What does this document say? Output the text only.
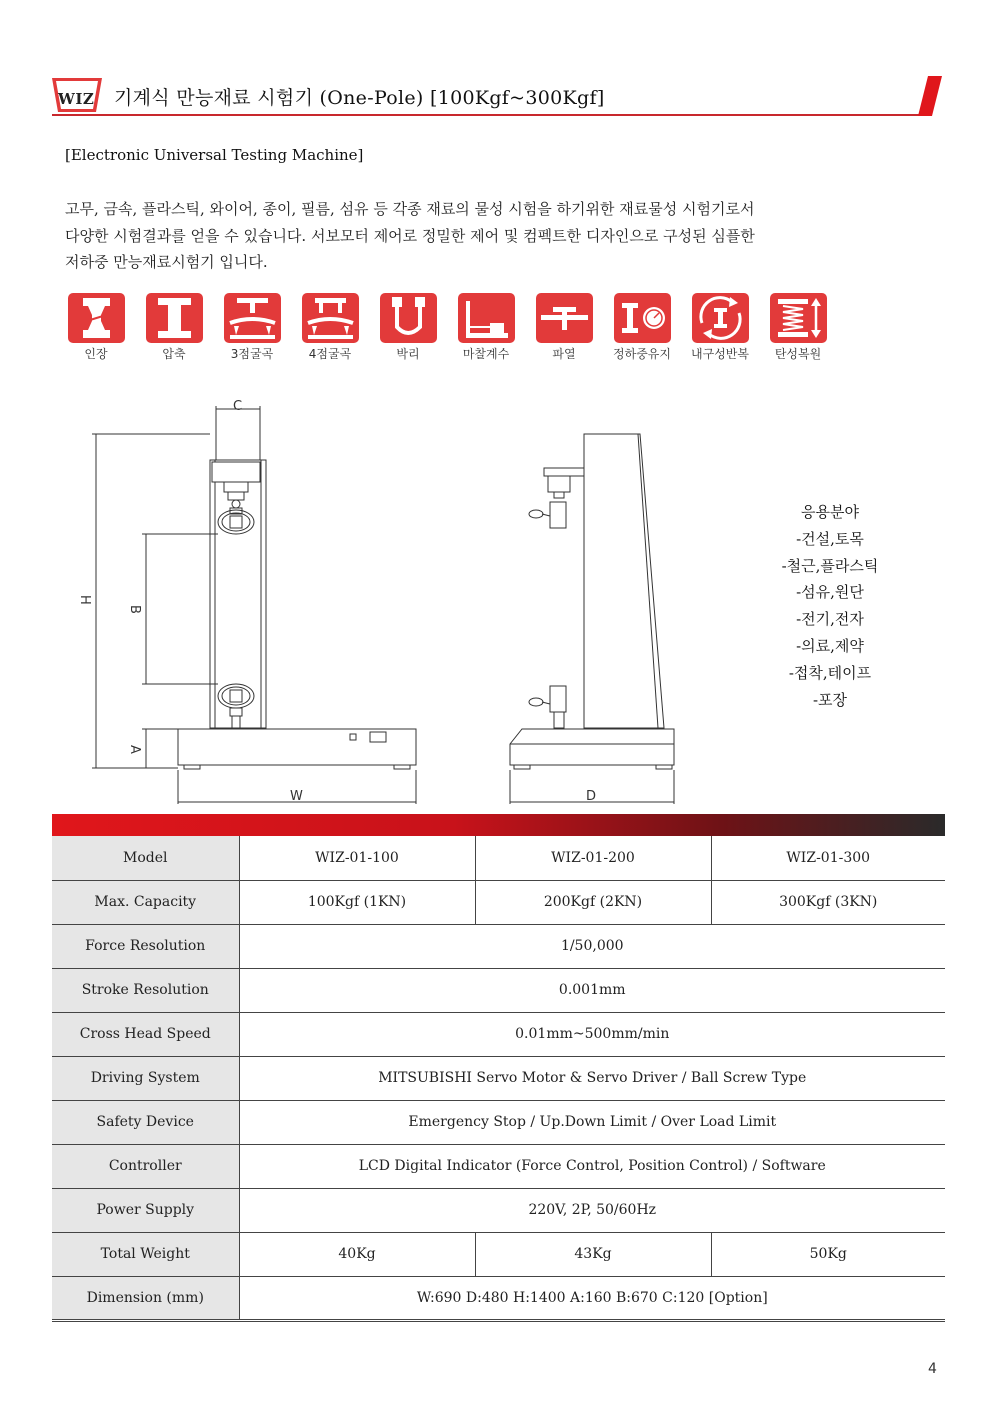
WIZ 기계식 만능재료 시험기 (One-Pole) [100Kgf~300Kgf]
[Electronic Universal Testing Machine]

고무, 금속, 플라스틱, 와이어, 종이, 필름, 섬유 등 각종 재료의 물성 시험을 하기위한 재료물성 시험기로서

다양한 시험결과를 얻을 수 있습니다. 서보모터 제어로 정밀한 제어 및 컴펙트한 디자인으로 구성된 심플한

저하중 만능재료시험기 입니다.

인장	압축	3점굴곡	4점굴곡	박리	마찰계수	파열	정하중유지 내구성반복	탄성복원
C
H
B
A
W	D
응용분야
-건설,토목
-철근,플라스틱
-섬유,원단
-전기,전자
-의료,제약
-접착,테이프
-포장
Model	WIZ-01-100	WIZ-01-200	WIZ-01-300
Max. Capacity	100Kgf (1KN)	200Kgf (2KN)	300Kgf (3KN)
Force Resolution	1/50,000		
Stroke Resolution	0.001mm		
Cross Head Speed	0.01mm~500mm/min		
Driving System	MITSUBISHI Servo Motor & Servo Driver / Ball Screw Type		
Safety Device	Emergency Stop / Up.Down Limit / Over Load Limit		
Controller	LCD Digital Indicator (Force Control, Position Control) / Software		
Power Supply	220V, 2P, 50/60Hz		
Total Weight	40Kg	43Kg	50Kg
Dimension (mm)	W:690 D:480 H:1400 A:160 B:670 C:120 [Option]		
4
